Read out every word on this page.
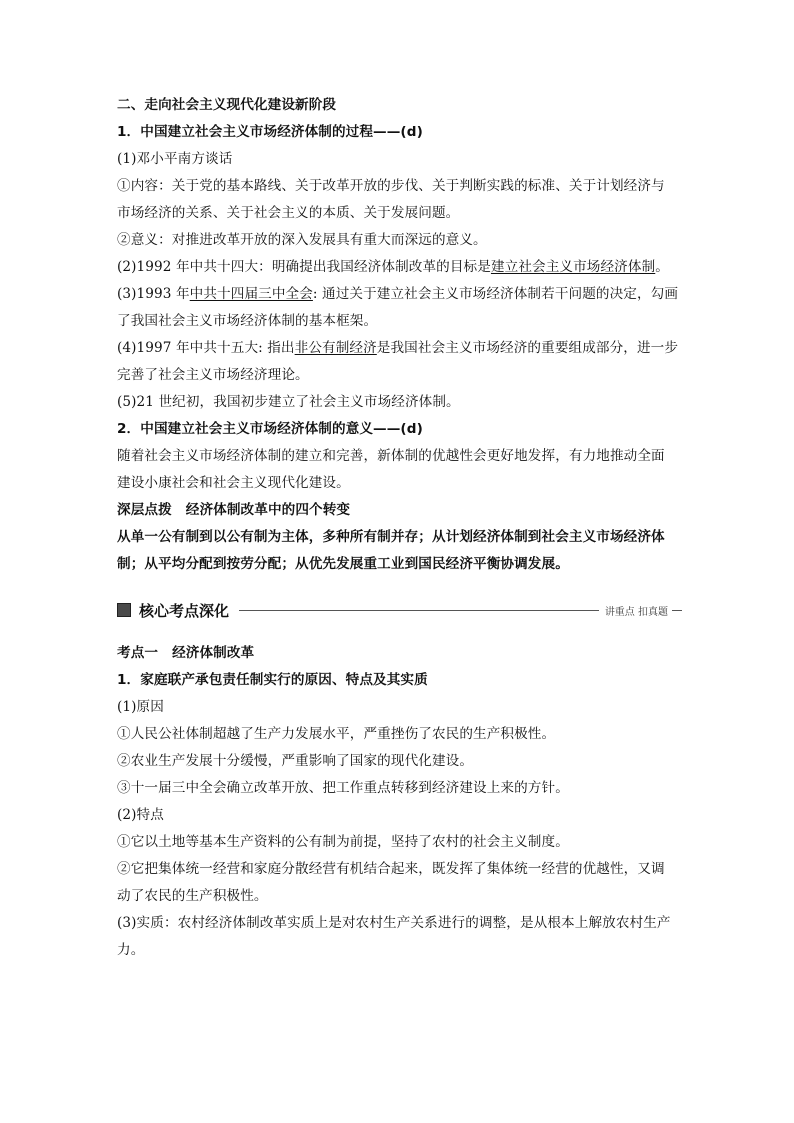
二、走向社会主义现代化建设新阶段
1．中国建立社会主义市场经济体制的过程——(d)
(1)邓小平南方谈话
①内容：关于党的基本路线、关于改革开放的步伐、关于判断实践的标准、关于计划经济与
市场经济的关系、关于社会主义的本质、关于发展问题。
②意义：对推进改革开放的深入发展具有重大而深远的意义。
(2)1992 年中共十四大：明确提出我国经济体制改革的目标是建立社会主义市场经济体制。
(3)1993 年中共十四届三中全会: 通过关于建立社会主义市场经济体制若干问题的决定，勾画
了我国社会主义市场经济体制的基本框架。
(4)1997 年中共十五大: 指出非公有制经济是我国社会主义市场经济的重要组成部分，进一步
完善了社会主义市场经济理论。
(5)21 世纪初，我国初步建立了社会主义市场经济体制。
2．中国建立社会主义市场经济体制的意义——(d)
随着社会主义市场经济体制的建立和完善，新体制的优越性会更好地发挥，有力地推动全面
建设小康社会和社会主义现代化建设。
深层点拨 经济体制改革中的四个转变
从单一公有制到以公有制为主体，多种所有制并存；从计划经济体制到社会主义市场经济体
制；从平均分配到按劳分配；从优先发展重工业到国民经济平衡协调发展。
核心考点深化	讲重点 扣真题
考点一 经济体制改革
1．家庭联产承包责任制实行的原因、特点及其实质
(1)原因
①人民公社体制超越了生产力发展水平，严重挫伤了农民的生产积极性。
②农业生产发展十分缓慢，严重影响了国家的现代化建设。
③十一届三中全会确立改革开放、把工作重点转移到经济建设上来的方针。
(2)特点
①它以土地等基本生产资料的公有制为前提，坚持了农村的社会主义制度。
②它把集体统一经营和家庭分散经营有机结合起来，既发挥了集体统一经营的优越性，又调
动了农民的生产积极性。
(3)实质：农村经济体制改革实质上是对农村生产关系进行的调整，是从根本上解放农村生产
力。
